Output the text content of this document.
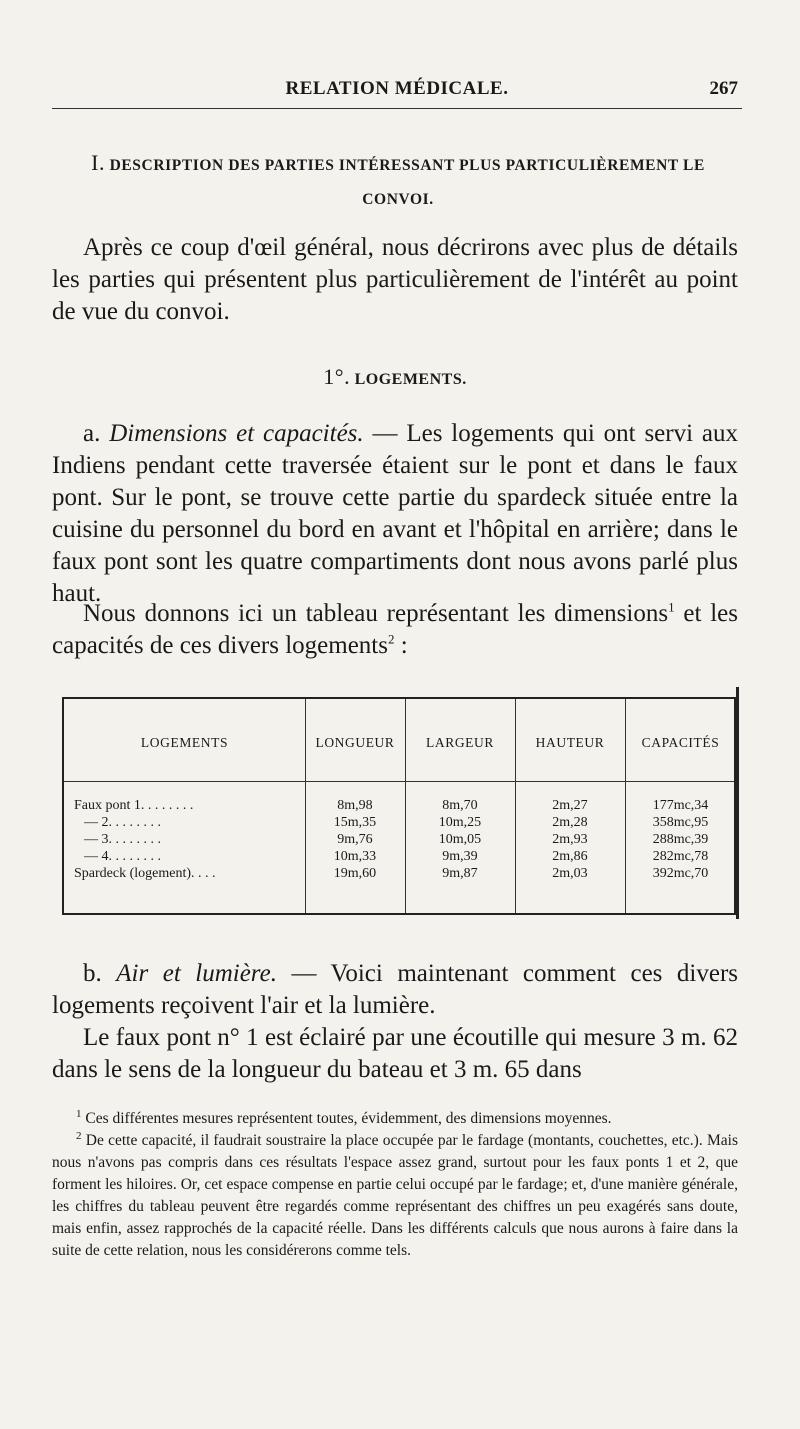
RELATION MÉDICALE.	267
I. DESCRIPTION DES PARTIES INTÉRESSANT PLUS PARTICULIÈREMENT LE CONVOI.
Après ce coup d'œil général, nous décrirons avec plus de détails les parties qui présentent plus particulièrement de l'intérêt au point de vue du convoi.
1°. LOGEMENTS.
a. Dimensions et capacités. — Les logements qui ont servi aux Indiens pendant cette traversée étaient sur le pont et dans le faux pont. Sur le pont, se trouve cette partie du spardeck située entre la cuisine du personnel du bord en avant et l'hôpital en arrière; dans le faux pont sont les quatre compartiments dont nous avons parlé plus haut.
Nous donnons ici un tableau représentant les dimensions$^1$ et les capacités de ces divers logements$^2$ :
LOGEMENTS	LONGUEUR	LARGEUR	HAUTEUR	CAPACITÉS
Faux pont 1. . . . . . . .	8m,98	8m,70	2m,27	177mc,34
— 2. . . . . . . .	15m,35	10m,25	2m,28	358mc,95
— 3. . . . . . . .	9m,76	10m,05	2m,93	288mc,39
— 4. . . . . . . .	10m,33	9m,39	2m,86	282mc,78
Spardeck (logement). . . .	19m,60	9m,87	2m,03	392mc,70
b. Air et lumière. — Voici maintenant comment ces divers logements reçoivent l'air et la lumière.
Le faux pont n° 1 est éclairé par une écoutille qui mesure 3 m. 62 dans le sens de la longueur du bateau et 3 m. 65 dans

$^1$ Ces différentes mesures représentent toutes, évidemment, des dimensions moyennes.

$^2$ De cette capacité, il faudrait soustraire la place occupée par le fardage (montants, couchettes, etc.). Mais nous n'avons pas compris dans ces résultats l'espace assez grand, surtout pour les faux ponts 1 et 2, que forment les hiloires. Or, cet espace compense en partie celui occupé par le fardage; et, d'une manière générale, les chiffres du tableau peuvent être regardés comme représentant des chiffres un peu exagérés sans doute, mais enfin, assez rapprochés de la capacité réelle. Dans les différents calculs que nous aurons à faire dans la suite de cette relation, nous les considérerons comme tels.
